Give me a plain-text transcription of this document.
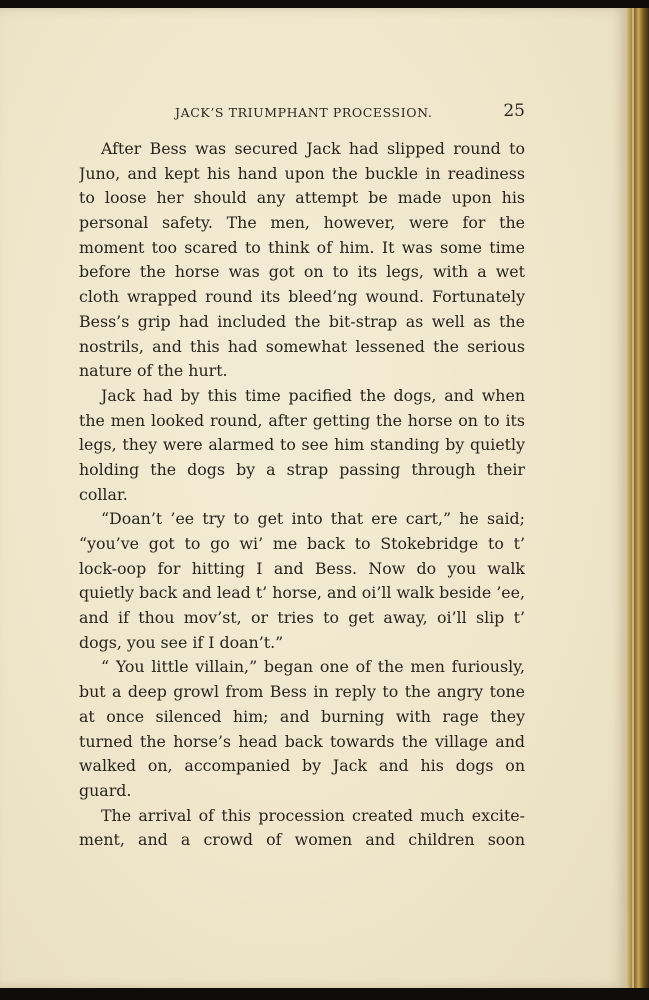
JACK’S TRIUMPHANT PROCESSION.	25
After Bess was secured Jack had slipped round to
Juno, and kept his hand upon the buckle in readiness
to loose her should any attempt be made upon his
personal safety. The men, however, were for the
moment too scared to think of him. It was some time
before the horse was got on to its legs, with a wet
cloth wrapped round its bleed’ng wound. Fortunately
Bess’s grip had included the bit-strap as well as the
nostrils, and this had somewhat lessened the serious
nature of the hurt.
Jack had by this time pacified the dogs, and when
the men looked round, after getting the horse on to its
legs, they were alarmed to see him standing by quietly
holding the dogs by a strap passing through their
collar.
“Doan’t ’ee try to get into that ere cart,” he said;
“you’ve got to go wi’ me back to Stokebridge to t’
lock-oop for hitting I and Bess. Now do you walk
quietly back and lead t’ horse, and oi’ll walk beside ’ee,
and if thou mov’st, or tries to get away, oi’ll slip t’
dogs, you see if I doan’t.”
“ You little villain,” began one of the men furiously,
but a deep growl from Bess in reply to the angry tone
at once silenced him; and burning with rage they
turned the horse’s head back towards the village and
walked on, accompanied by Jack and his dogs on
guard.
The arrival of this procession created much excite-
ment, and a crowd of women and children soon
